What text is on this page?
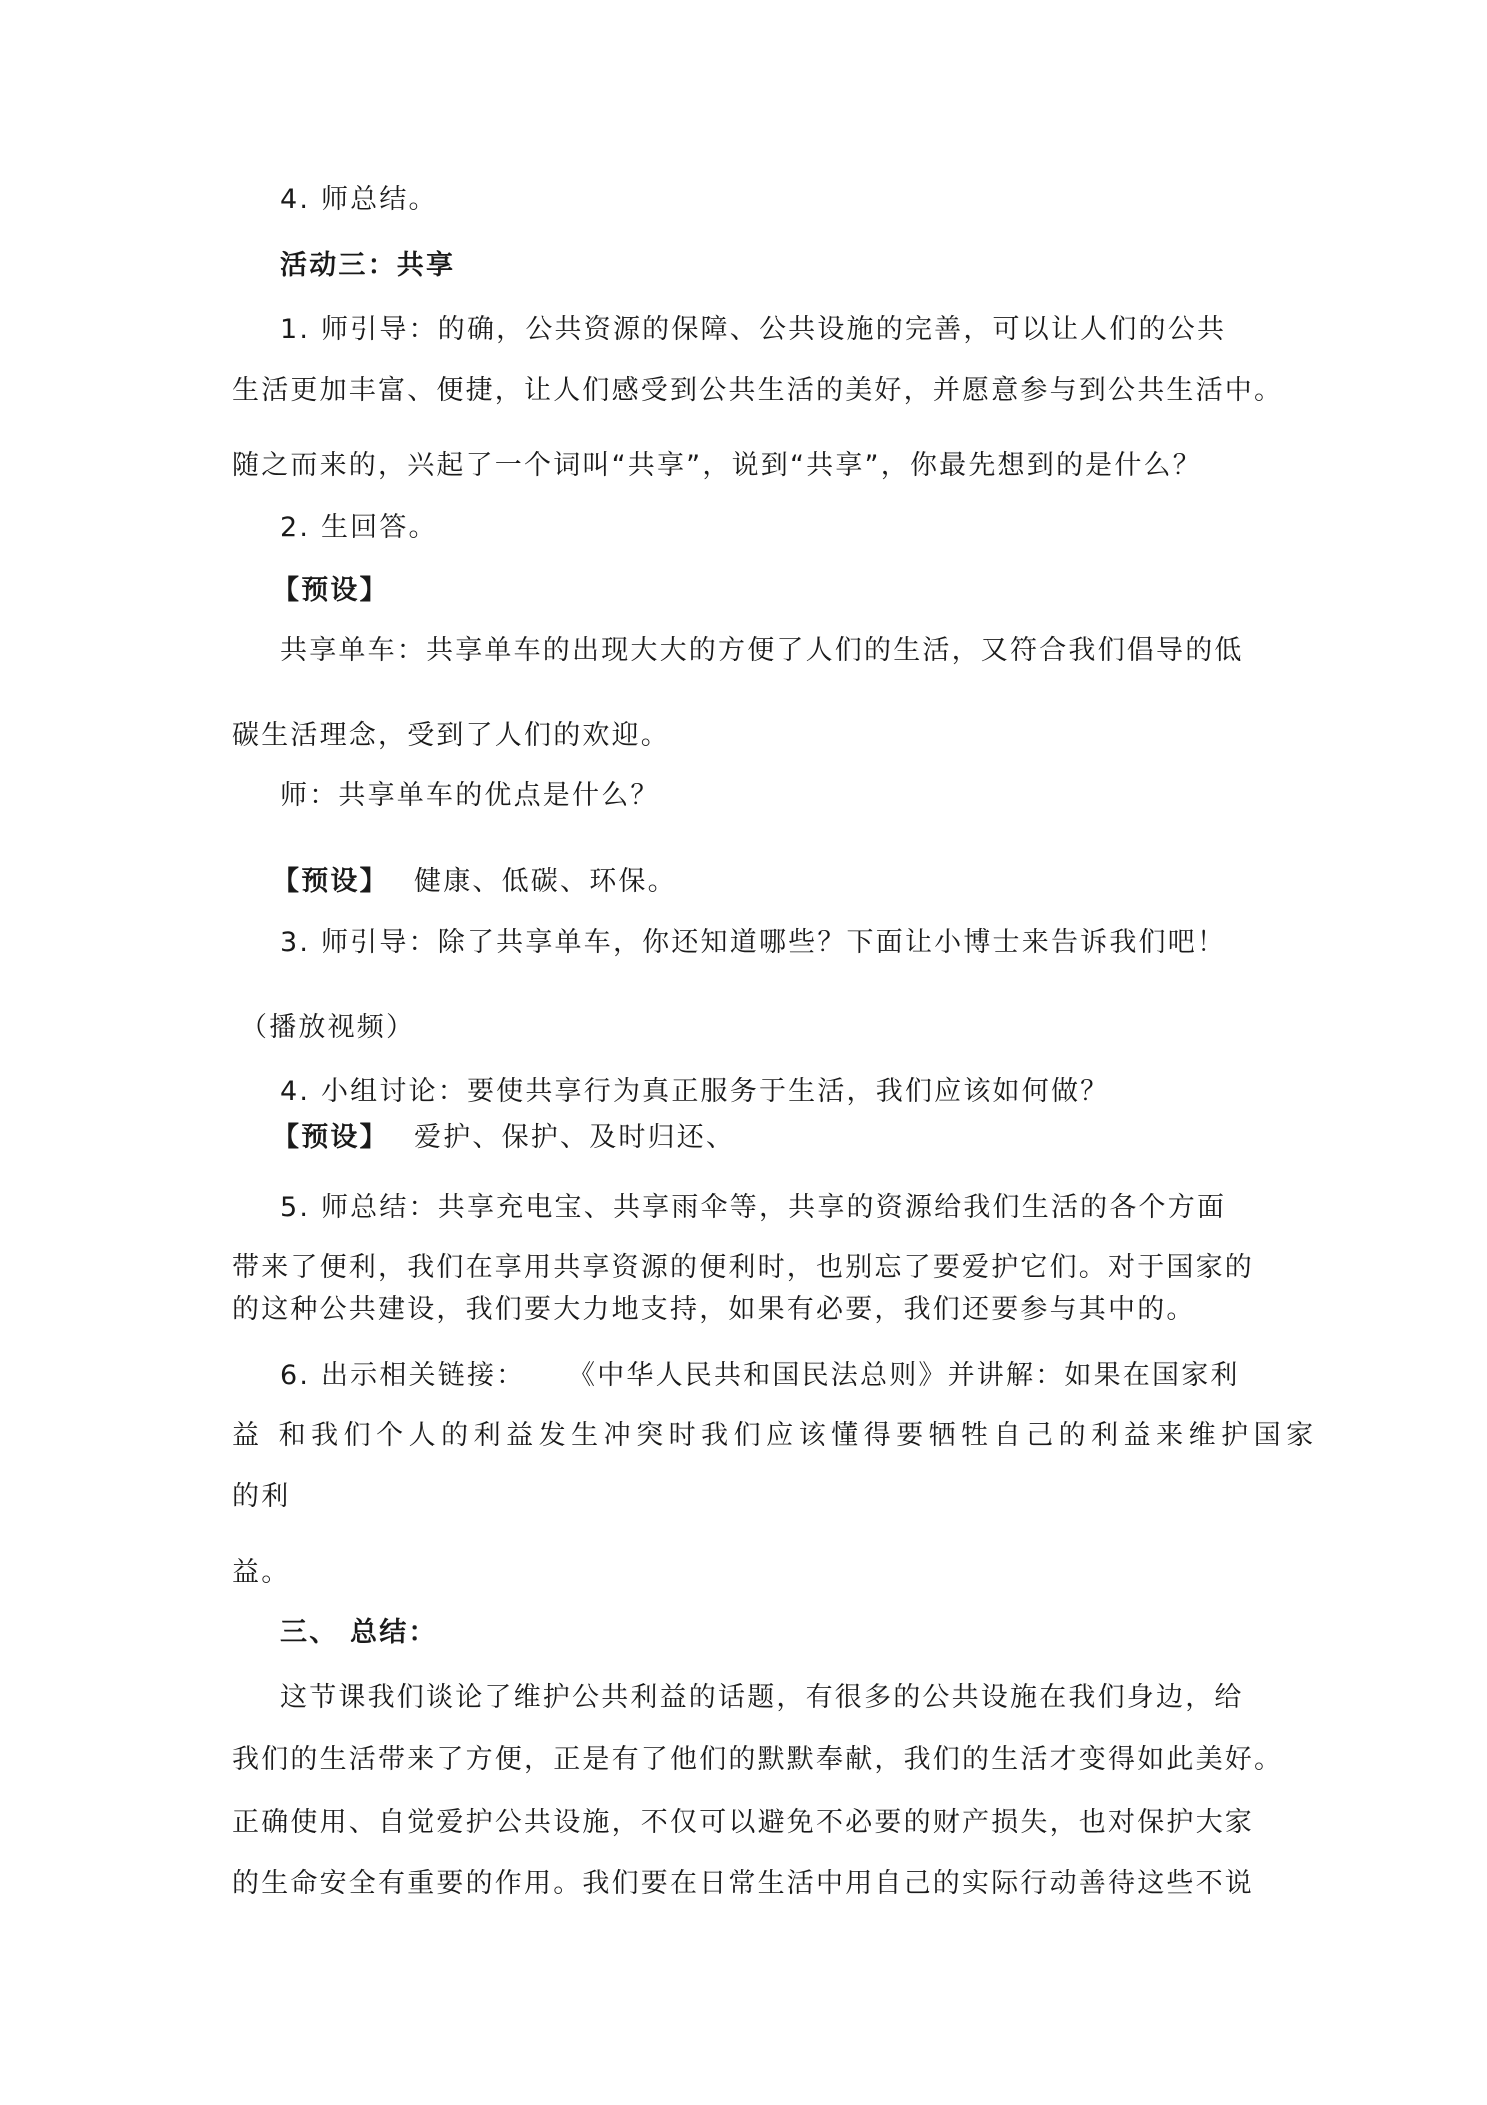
4. 师总结。
活动三：共享
1. 师引导：的确，公共资源的保障、公共设施的完善，可以让人们的公共
生活更加丰富、便捷，让人们感受到公共生活的美好，并愿意参与到公共生活中。
随之而来的，兴起了一个词叫“共享”，说到“共享”，你最先想到的是什么？
2. 生回答。
【预设】
共享单车：共享单车的出现大大的方便了人们的生活，又符合我们倡导的低
碳生活理念，受到了人们的欢迎。
师：共享单车的优点是什么？
【预设】 健康、低碳、环保。
3. 师引导：除了共享单车，你还知道哪些？下面让小博士来告诉我们吧！
（播放视频）
4. 小组讨论：要使共享行为真正服务于生活，我们应该如何做？
【预设】 爱护、保护、及时归还、
5. 师总结：共享充电宝、共享雨伞等，共享的资源给我们生活的各个方面
带来了便利，我们在享用共享资源的便利时，也别忘了要爱护它们。对于国家的
的这种公共建设，我们要大力地支持，如果有必要，我们还要参与其中的。
6. 出示相关链接： 《中华人民共和国民法总则》并讲解：如果在国家利
益 和我们个人的利益发生冲突时我们应该懂得要牺牲自己的利益来维护国家
的利
益。
三、 总结：
这节课我们谈论了维护公共利益的话题，有很多的公共设施在我们身边，给
我们的生活带来了方便，正是有了他们的默默奉献，我们的生活才变得如此美好。
正确使用、自觉爱护公共设施，不仅可以避免不必要的财产损失，也对保护大家
的生命安全有重要的作用。我们要在日常生活中用自己的实际行动善待这些不说
